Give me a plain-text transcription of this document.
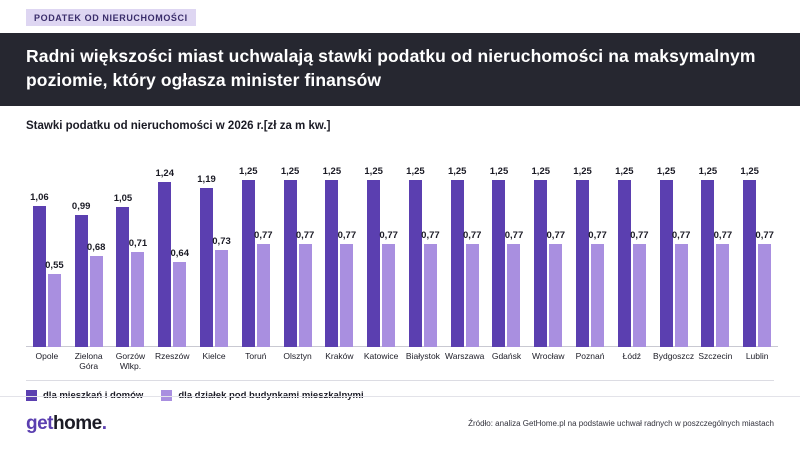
PODATEK OD NIERUCHOMOŚCI
Radni większości miast uchwalają stawki podatku od nieruchomości na maksymalnym poziomie, który ogłasza minister finansów
Stawki podatku od nieruchomości w 2026 r.[zł za m kw.]
1,06
0,55
0,99
0,68
1,05
0,71
1,24
0,64
1,19
0,73
1,25
0,77
1,25
0,77
1,25
0,77
1,25
0,77
1,25
0,77
1,25
0,77
1,25
0,77
1,25
0,77
1,25
0,77
1,25
0,77
1,25
0,77
1,25
0,77
1,25
0,77
Opole	Zielona Góra
Gorzów Wlkp.
Rzeszów	Kielce	Toruń	Olsztyn	Kraków	Katowice Białystok Warszawa Gdańsk	Wrocław	Poznań	Łódź	Bydgoszcz Szczecin	Lublin
dla mieszkań i domów	dla działek pod budynkami mieszkalnymi
get home .	Źródło: analiza GetHome.pl na podstawie uchwał radnych w poszczególnych miastach
